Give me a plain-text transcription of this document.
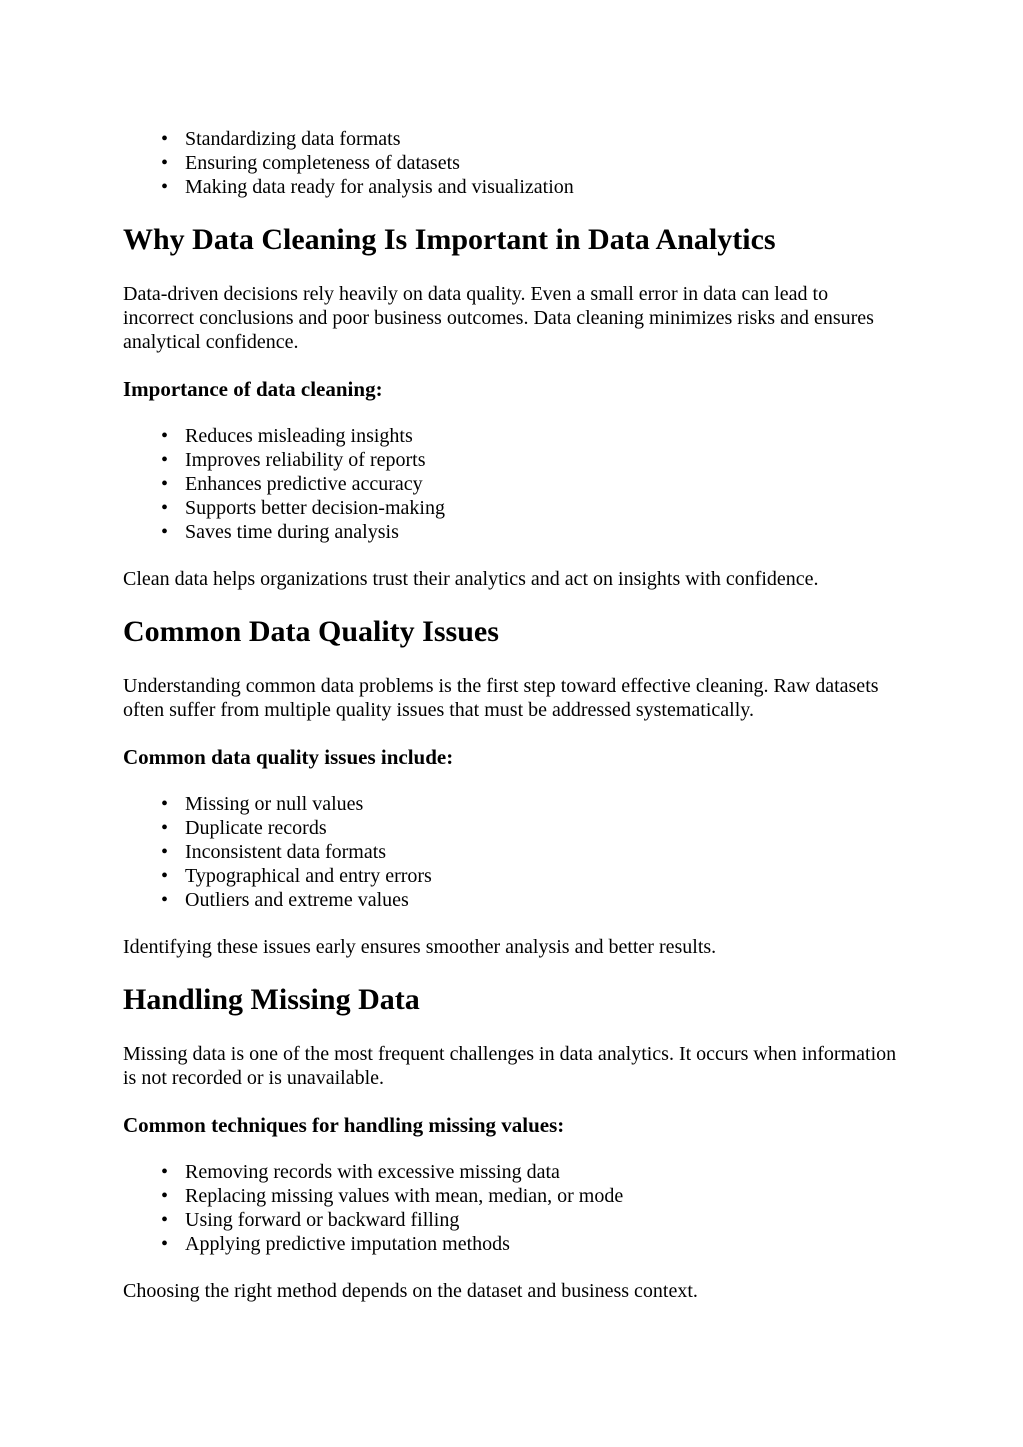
• Standardizing data formats
• Ensuring completeness of datasets
• Making data ready for analysis and visualization
Why Data Cleaning Is Important in Data Analytics

Data-driven decisions rely heavily on data quality. Even a small error in data can lead to incorrect conclusions and poor business outcomes. Data cleaning minimizes risks and ensures analytical confidence.

Importance of data cleaning:
• Reduces misleading insights
• Improves reliability of reports
• Enhances predictive accuracy
• Supports better decision-making
• Saves time during analysis

Clean data helps organizations trust their analytics and act on insights with confidence.

Common Data Quality Issues

Understanding common data problems is the first step toward effective cleaning. Raw datasets often suffer from multiple quality issues that must be addressed systematically.

Common data quality issues include:
• Missing or null values
• Duplicate records
• Inconsistent data formats
• Typographical and entry errors
• Outliers and extreme values

Identifying these issues early ensures smoother analysis and better results.

Handling Missing Data

Missing data is one of the most frequent challenges in data analytics. It occurs when information is not recorded or is unavailable.

Common techniques for handling missing values:
• Removing records with excessive missing data
• Replacing missing values with mean, median, or mode
• Using forward or backward filling
• Applying predictive imputation methods

Choosing the right method depends on the dataset and business context.
